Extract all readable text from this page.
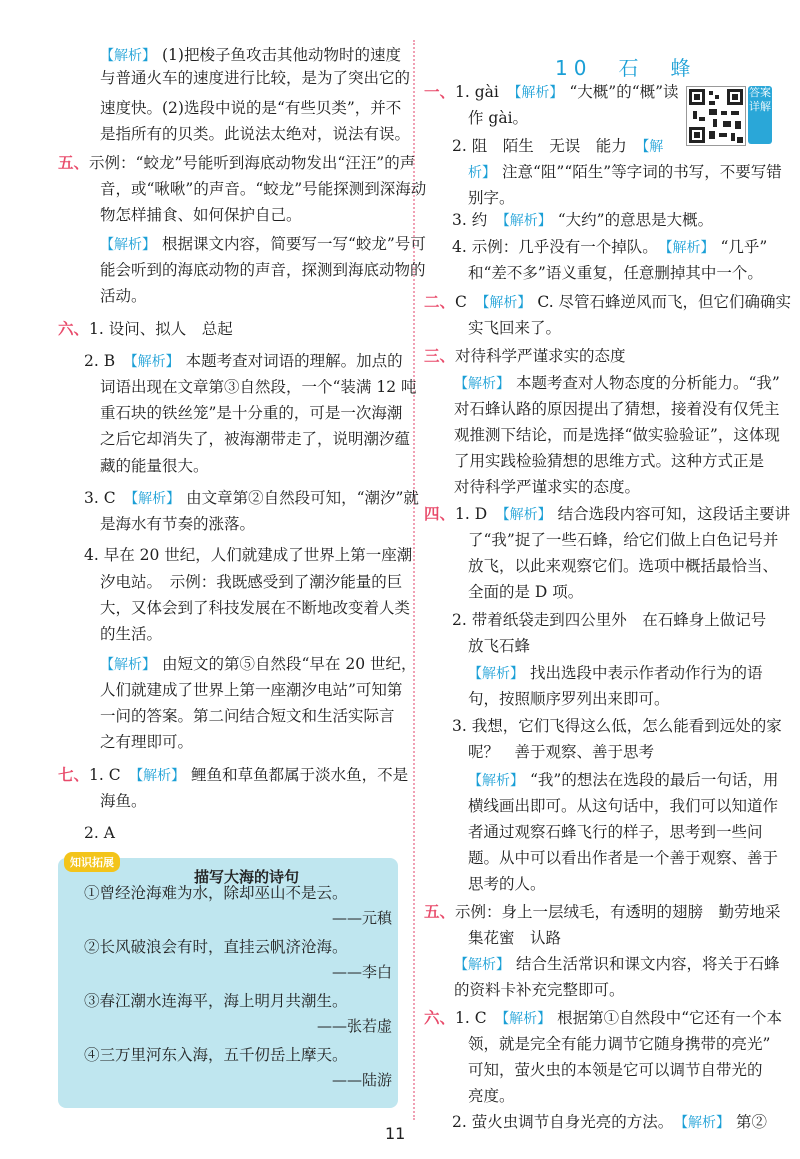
【解析】 (1)把梭子鱼攻击其他动物时的速度
与普通火车的速度进行比较，是为了突出它的
速度快。(2)选段中说的是“有些贝类”，并不
是指所有的贝类。此说法太绝对，说法有误。
五、示例：“蛟龙”号能听到海底动物发出“汪汪”的声
音，或“啾啾”的声音。“蛟龙”号能探测到深海动
物怎样捕食、如何保护自己。
【解析】 根据课文内容，简要写一写“蛟龙”号可
能会听到的海底动物的声音，探测到海底动物的
活动。
六、1. 设问、拟人　总起
2. B　【解析】 本题考查对词语的理解。加点的
词语出现在文章第③自然段，一个“装满 12 吨
重石块的铁丝笼”是十分重的，可是一次海潮
之后它却消失了，被海潮带走了，说明潮汐蕴
藏的能量很大。
3. C　【解析】 由文章第②自然段可知，“潮汐”就
是海水有节奏的涨落。
4. 早在 20 世纪，人们就建成了世界上第一座潮
汐电站。　示例：我既感受到了潮汐能量的巨
大，又体会到了科技发展在不断地改变着人类
的生活。
【解析】 由短文的第⑤自然段“早在 20 世纪，
人们就建成了世界上第一座潮汐电站”可知第
一问的答案。第二问结合短文和生活实际言
之有理即可。
七、1. C　【解析】 鲤鱼和草鱼都属于淡水鱼，不是
海鱼。
2. A
知识拓展
描写大海的诗句
①曾经沧海难为水，除却巫山不是云。
——元稹
②长风破浪会有时，直挂云帆济沧海。
——李白
③春江潮水连海平，海上明月共潮生。
——张若虚
④三万里河东入海，五千仞岳上摩天。
——陆游
10　石　蜂
答案详解
一、1. gài　【解析】 “大概”的“概”读
作 gài。
2. 阻　陌生　无误　能力　【解
析】 注意“阻”“陌生”等字词的书写，不要写错
别字。
3. 约　【解析】 “大约”的意思是大概。
4. 示例：几乎没有一个掉队。　【解析】 “几乎”
和“差不多”语义重复，任意删掉其中一个。
二、C　【解析】 C. 尽管石蜂逆风而飞，但它们确确实
实飞回来了。
三、对待科学严谨求实的态度
【解析】 本题考查对人物态度的分析能力。“我”
对石蜂认路的原因提出了猜想，接着没有仅凭主
观推测下结论，而是选择“做实验验证”，这体现
了用实践检验猜想的思维方式。这种方式正是
对待科学严谨求实的态度。
四、1. D　【解析】 结合选段内容可知，这段话主要讲
了“我”捉了一些石蜂，给它们做上白色记号并
放飞，以此来观察它们。选项中概括最恰当、
全面的是 D 项。
2. 带着纸袋走到四公里外　在石蜂身上做记号
放飞石蜂
【解析】 找出选段中表示作者动作行为的语
句，按照顺序罗列出来即可。
3. 我想，它们飞得这么低，怎么能看到远处的家
呢？　善于观察、善于思考
【解析】 “我”的想法在选段的最后一句话，用
横线画出即可。从这句话中，我们可以知道作
者通过观察石蜂飞行的样子，思考到一些问
题。从中可以看出作者是一个善于观察、善于
思考的人。
五、示例：身上一层绒毛，有透明的翅膀　勤劳地采
集花蜜　认路
【解析】 结合生活常识和课文内容，将关于石蜂
的资料卡补充完整即可。
六、1. C　【解析】 根据第①自然段中“它还有一个本
领，就是完全有能力调节它随身携带的亮光”
可知，萤火虫的本领是它可以调节自带光的
亮度。
2. 萤火虫调节自身光亮的方法。　【解析】 第②
11
